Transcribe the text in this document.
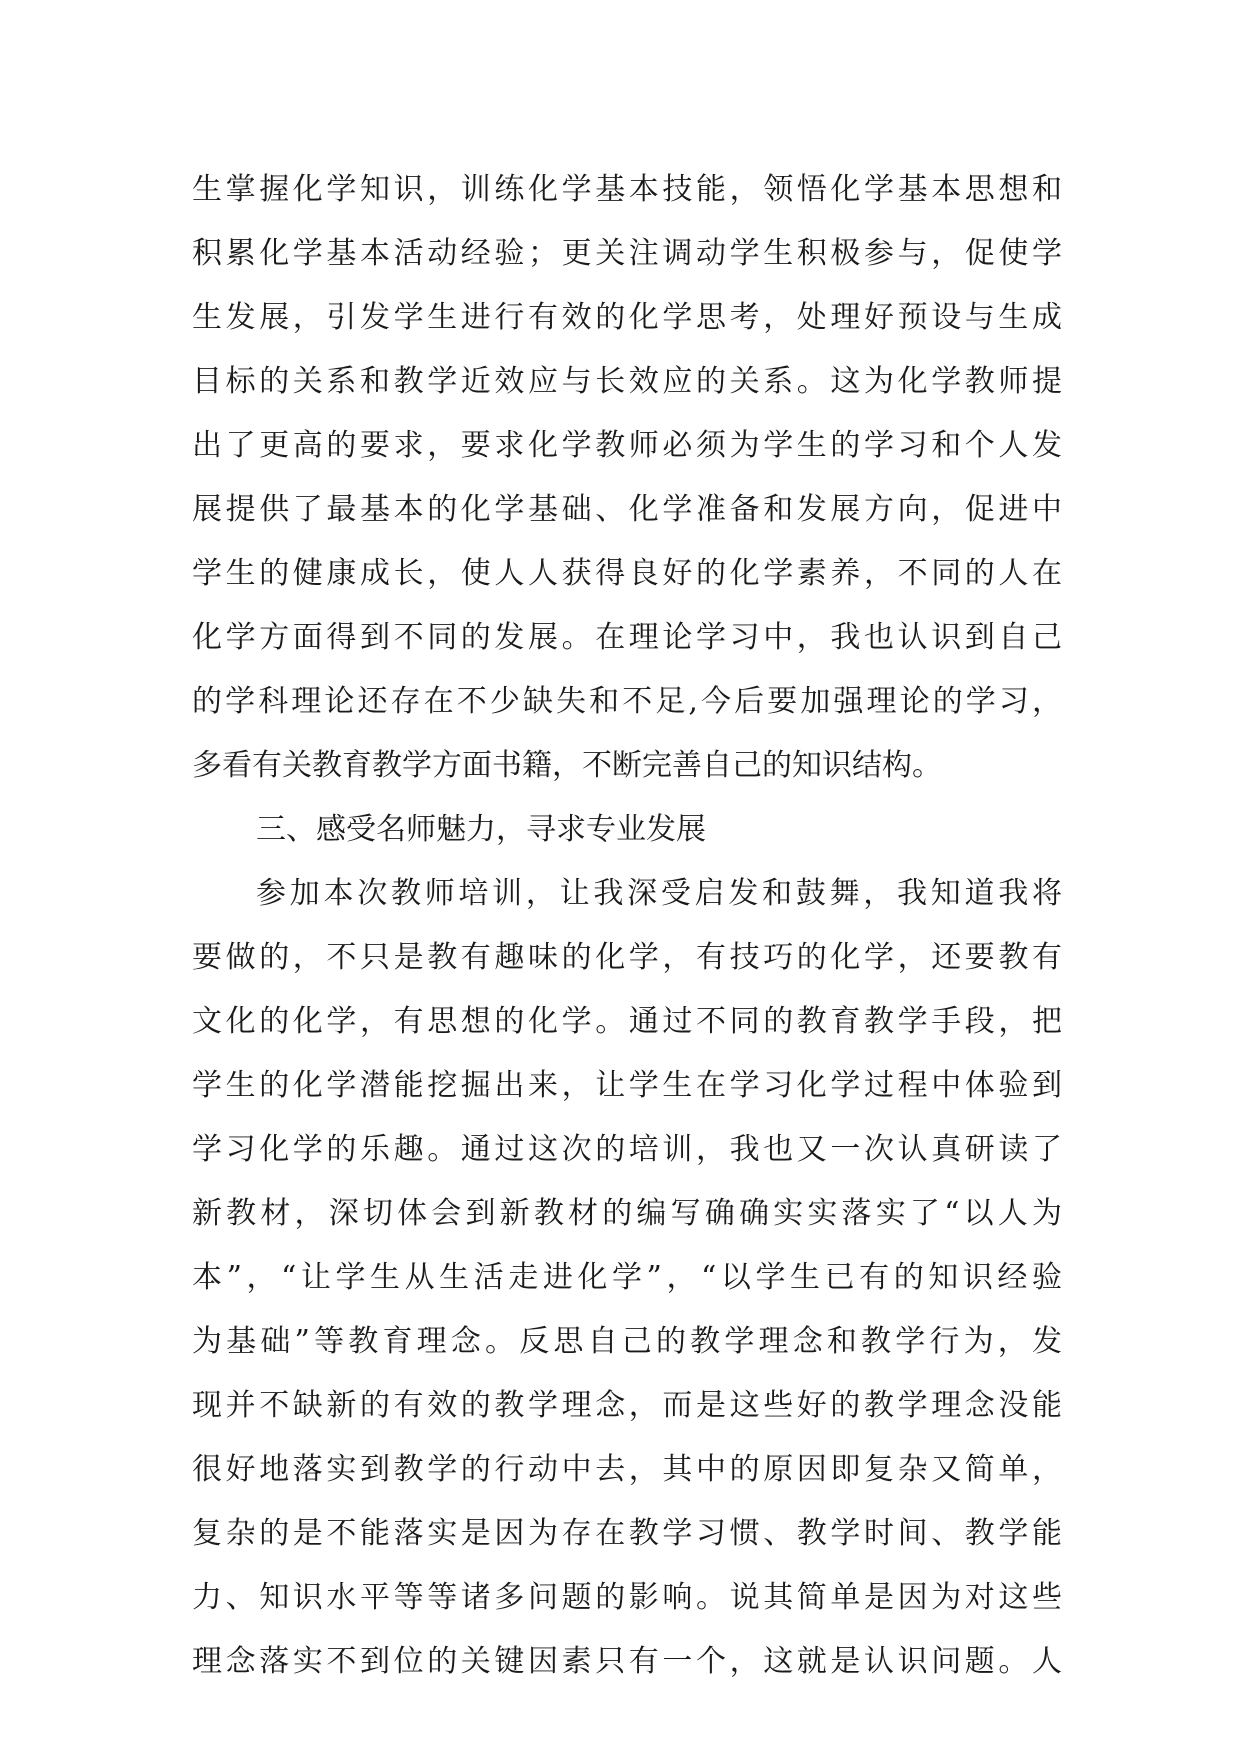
生掌握化学知识，训练化学基本技能，领悟化学基本思想和
积累化学基本活动经验；更关注调动学生积极参与，促使学
生发展，引发学生进行有效的化学思考，处理好预设与生成
目标的关系和教学近效应与长效应的关系。这为化学教师提
出了更高的要求，要求化学教师必须为学生的学习和个人发
展提供了最基本的化学基础、化学准备和发展方向，促进中
学生的健康成长，使人人获得良好的化学素养，不同的人在
化学方面得到不同的发展。在理论学习中，我也认识到自己
的学科理论还存在不少缺失和不足,今后要加强理论的学习，
多看有关教育教学方面书籍，不断完善自己的知识结构。
三、感受名师魅力，寻求专业发展
参加本次教师培训，让我深受启发和鼓舞，我知道我将
要做的，不只是教有趣味的化学，有技巧的化学，还要教有
文化的化学，有思想的化学。通过不同的教育教学手段，把
学生的化学潜能挖掘出来，让学生在学习化学过程中体验到
学习化学的乐趣。通过这次的培训，我也又一次认真研读了
新教材，深切体会到新教材的编写确确实实落实了“以人为
本”，“让学生从生活走进化学”，“以学生已有的知识经验
为基础”等教育理念。反思自己的教学理念和教学行为，发
现并不缺新的有效的教学理念，而是这些好的教学理念没能
很好地落实到教学的行动中去，其中的原因即复杂又简单，
复杂的是不能落实是因为存在教学习惯、教学时间、教学能
力、知识水平等等诸多问题的影响。说其简单是因为对这些
理念落实不到位的关键因素只有一个，这就是认识问题。人
